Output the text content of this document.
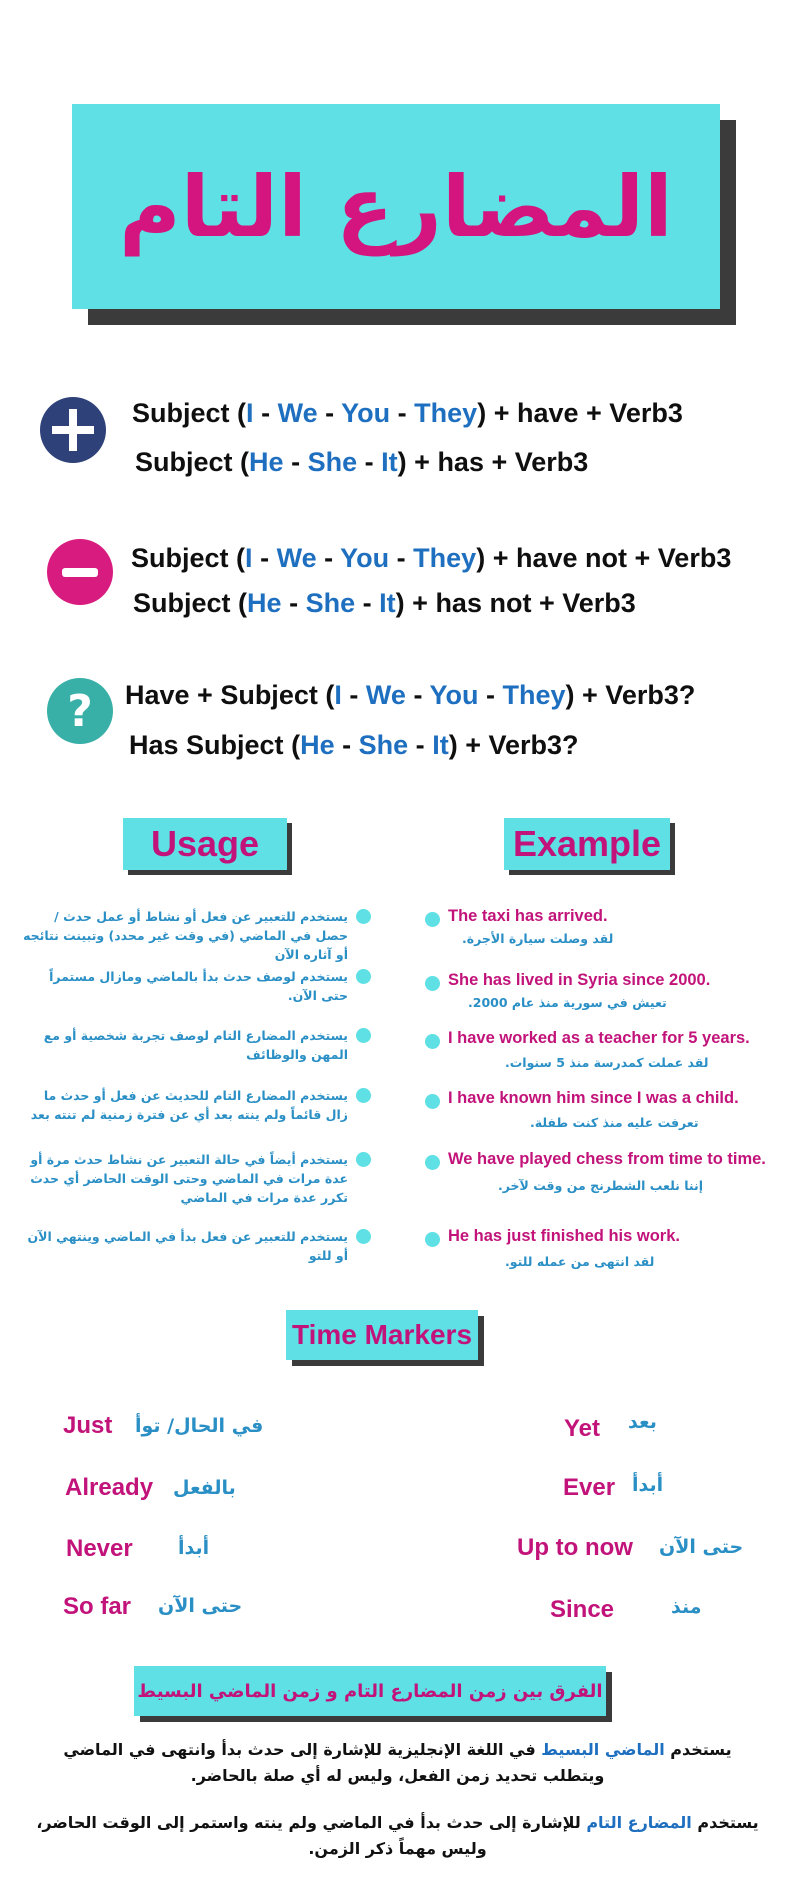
المضارع التام
Subject (I - We - You - They) + have + Verb3
Subject (He - She - It) + has + Verb3
Subject (I - We - You - They) + have not + Verb3
Subject (He - She - It) + has not + Verb3
? Have + Subject (I - We - You - They) + Verb3?
Has Subject (He - She - It) + Verb3?
Usage	Example
يستخدم للتعبير عن فعل أو نشاط أو عمل حدث / حصل في الماضي (في وقت غير محدد) وتبينت نتائجه أو آثاره الآن
يستخدم لوصف حدث بدأ بالماضي ومازال مستمراً حتى الآن.
يستخدم المضارع التام لوصف تجربة شخصية أو مع المهن والوظائف
يستخدم المضارع التام للحديث عن فعل أو حدث ما زال قائماً ولم ينته بعد أي عن فترة زمنية لم تنته بعد
يستخدم أيضاً في حالة التعبير عن نشاط حدث مرة أو عدة مرات في الماضي وحتى الوقت الحاضر أي حدث تكرر عدة مرات في الماضي
يستخدم للتعبير عن فعل بدأ في الماضي وينتهي الآن أو للتو
The taxi has arrived.
لقد وصلت سيارة الأجرة.
She has lived in Syria since 2000.
تعيش في سورية منذ عام 2000.
I have worked as a teacher for 5 years.
لقد عملت كمدرسة منذ 5 سنوات.
I have known him since I was a child.
تعرفت عليه منذ كنت طفلة.
We have played chess from time to time.
إننا نلعب الشطرنج من وقت لآخر.
He has just finished his work.
لقد انتهى من عمله للتو.
Time Markers
Just في الحال/ توأ
Already بالفعل
Never أبدأ
So far حتى الآن
Yet بعد
Ever أبدأ
Up to now حتى الآن
Since	منذ
الفرق بين زمن المضارع التام و زمن الماضي البسيط
يستخدم الماضي البسيط في اللغة الإنجليزية للإشارة إلى حدث بدأ وانتهى في الماضي ويتطلب تحديد زمن الفعل، وليس له أي صلة بالحاضر.
يستخدم المضارع التام للإشارة إلى حدث بدأ في الماضي ولم ينته واستمر إلى الوقت الحاضر، وليس مهماً ذكر الزمن.
